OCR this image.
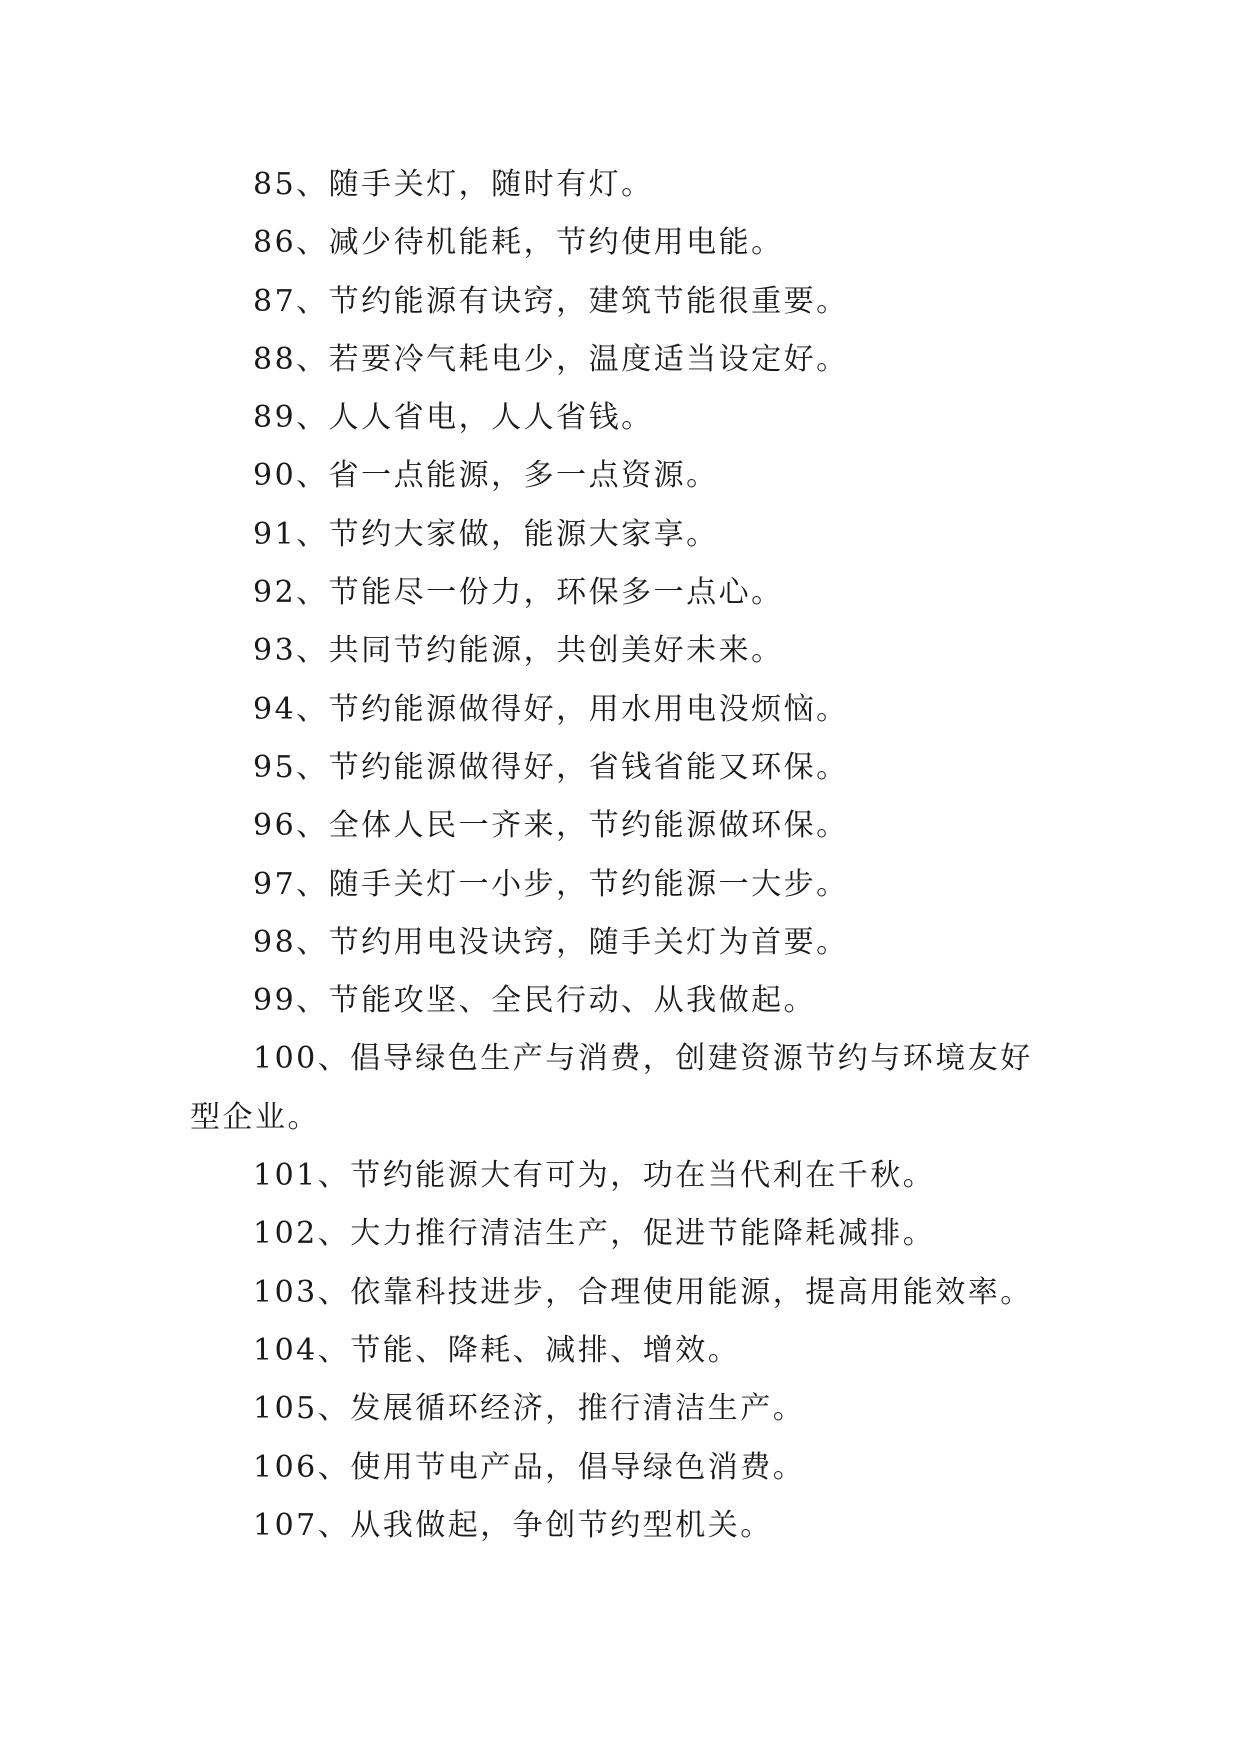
85、随手关灯，随时有灯。
86、减少待机能耗，节约使用电能。
87、节约能源有诀窍，建筑节能很重要。
88、若要冷气耗电少，温度适当设定好。
89、人人省电，人人省钱。
90、省一点能源，多一点资源。
91、节约大家做，能源大家享。
92、节能尽一份力，环保多一点心。
93、共同节约能源，共创美好未来。
94、节约能源做得好，用水用电没烦恼。
95、节约能源做得好，省钱省能又环保。
96、全体人民一齐来，节约能源做环保。
97、随手关灯一小步，节约能源一大步。
98、节约用电没诀窍，随手关灯为首要。
99、节能攻坚、全民行动、从我做起。
100、倡导绿色生产与消费，创建资源节约与环境友好
型企业。
101、节约能源大有可为，功在当代利在千秋。
102、大力推行清洁生产，促进节能降耗减排。
103、依靠科技进步，合理使用能源，提高用能效率。
104、节能、降耗、减排、增效。
105、发展循环经济，推行清洁生产。
106、使用节电产品，倡导绿色消费。
107、从我做起，争创节约型机关。
